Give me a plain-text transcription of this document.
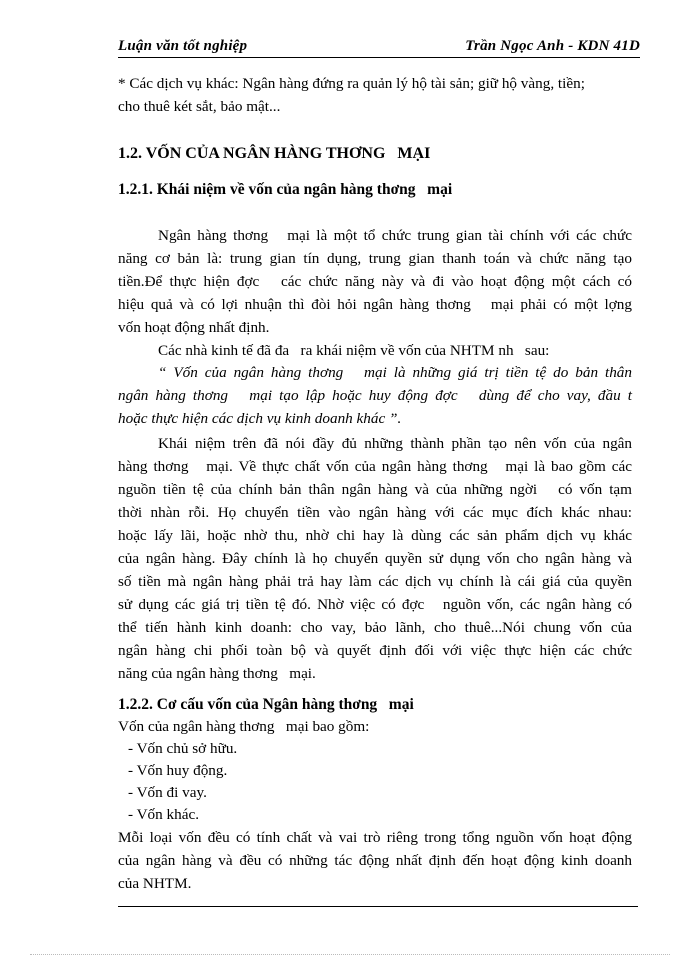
Luận văn tốt nghiệp	Trần Ngọc Anh - KDN 41D
* Các dịch vụ khác: Ngân hàng đứng ra quản lý hộ tài sản; giữ hộ vàng, tiền;
cho thuê két sắt, bảo mật...
1.2. VỐN CỦA NGÂN HÀNG THƠNG   MẠI
1.2.1. Khái niệm về vốn của ngân hàng thơng   mại
Ngân hàng thơng   mại là một tổ chức trung gian tài chính với các chức
năng cơ bản là: trung gian tín dụng, trung gian thanh toán và chức năng tạo
tiền.Để thực hiện đợc   các chức năng này và đi vào hoạt động một cách có
hiệu quả và có lợi nhuận thì đòi hỏi ngân hàng thơng   mại phải có một lợng
vốn hoạt động nhất định.
Các nhà kinh tế đã đa   ra khái niệm về vốn của NHTM nh   sau:
“ Vốn của ngân hàng thơng   mại là những giá trị tiền tệ do bản thân
ngân hàng thơng   mại tạo lập hoặc huy động đợc   dùng để cho vay, đầu t
hoặc thực hiện các dịch vụ kinh doanh khác ”.
Khái niệm trên đã nói đầy đủ những thành phần tạo nên vốn của ngân
hàng thơng   mại. Về thực chất vốn của ngân hàng thơng   mại là bao gồm các
nguồn tiền tệ của chính bản thân ngân hàng và của những ngời   có vốn tạm
thời nhàn rỗi. Họ chuyển tiền vào ngân hàng với các mục đích khác nhau:
hoặc lấy lãi, hoặc nhờ thu, nhờ chi hay là dùng các sản phẩm dịch vụ khác
của ngân hàng. Đây chính là họ chuyển quyền sử dụng vốn cho ngân hàng và
số tiền mà ngân hàng phải trả hay làm các dịch vụ chính là cái giá của quyền
sử dụng các giá trị tiền tệ đó. Nhờ việc có đợc   nguồn vốn, các ngân hàng có
thể tiến hành kinh doanh: cho vay, bảo lãnh, cho thuê...Nói chung vốn của
ngân hàng chi phối toàn bộ và quyết định đối với việc thực hiện các chức
năng của ngân hàng thơng   mại.
1.2.2. Cơ cấu vốn của Ngân hàng thơng   mại
Vốn của ngân hàng thơng   mại bao gồm:
- Vốn chủ sở hữu.
- Vốn huy động.
- Vốn đi vay.
- Vốn khác.
Mỗi loại vốn đều có tính chất và vai trò riêng trong tổng nguồn vốn hoạt động
của ngân hàng và đều có những tác động nhất định đến hoạt động kinh doanh
của NHTM.
